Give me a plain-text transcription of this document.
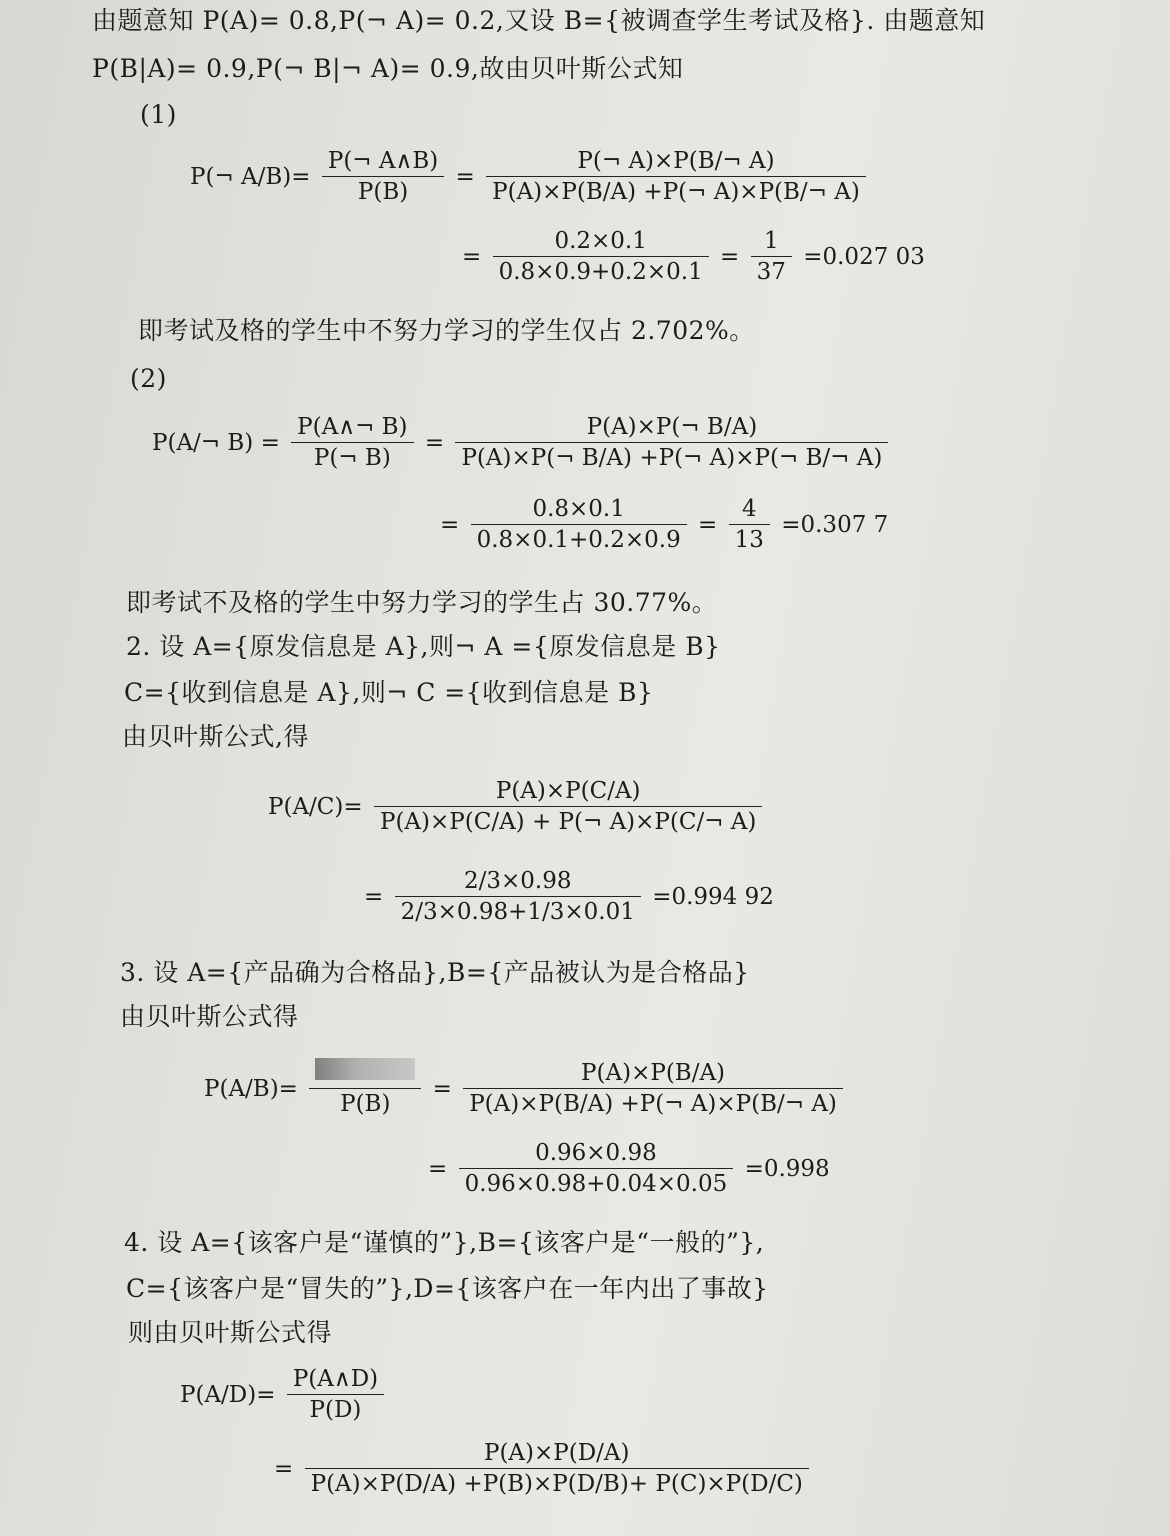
由题意知 P(A)= 0.8,P(¬ A)= 0.2,又设 B={被调查学生考试及格}. 由题意知
P(B|A)= 0.9,P(¬ B|¬ A)= 0.9,故由贝叶斯公式知
(1)
P(¬ $A/B)= \frac{P(\neg A\wedge B)}{P(B)} = \frac{P(\neg A)\times P(B/\neg A)}{P(A)\times P(B/A) +P(\neg A)\times P(B/\neg A)}$
= $\frac{0.2\times 0.1}{0.8\times 0.9+0.2\times 0.1} = \frac{1}{37} =0.027$ 03
即考试及格的学生中不努力学习的学生仅占 2.702%。
(2)
P(A/¬ $B) = \frac{P(A\wedge\neg B)}{P(\neg B)} = \frac{P(A)\times P(\neg B/A)}{P(A)\times P(\neg B/A) +P(\neg A)\times P(\neg B/\neg A)}$
= $\frac{0.8\times 0.1}{0.8\times 0.1+0.2\times 0.9} = \frac{4}{13} =0.307$ 7
即考试不及格的学生中努力学习的学生占 30.77%。
2. 设 A={原发信息是 A},则¬ A ={原发信息是 B}
C={收到信息是 A},则¬ C ={收到信息是 B}
由贝叶斯公式,得
$P(A/C)= \frac{P(A)\times P(C/A)}{P(A)\times P(C/A) + P(\neg A)\times P(C/\neg A)}$
= $\frac{2/3\times 0.98}{2/3\times 0.98+1/3\times 0.01} =0.994$ 92
3. 设 A={产品确为合格品},B={产品被认为是合格品}
由贝叶斯公式得
P(A/B)=
P(B)
= $\frac{P(A)\times P(B/A)}{P(A)\times P(B/A) +P(\neg A)\times P(B/\neg A)}$
= $\frac{0.96\times 0.98}{0.96\times 0.98+0.04\times 0.05} =0.998$
4. 设 A={该客户是“谨慎的”},B={该客户是“一般的”},
C={该客户是“冒失的”},D={该客户在一年内出了事故}
则由贝叶斯公式得
$P(A/D)= \frac{P(A\wedge D)}{P(D)}$
= $\frac{P(A)\times P(D/A)}{P(A)\times P(D/A) +P(B)\times P(D/B)+ P(C)\times P(D/C)}$
